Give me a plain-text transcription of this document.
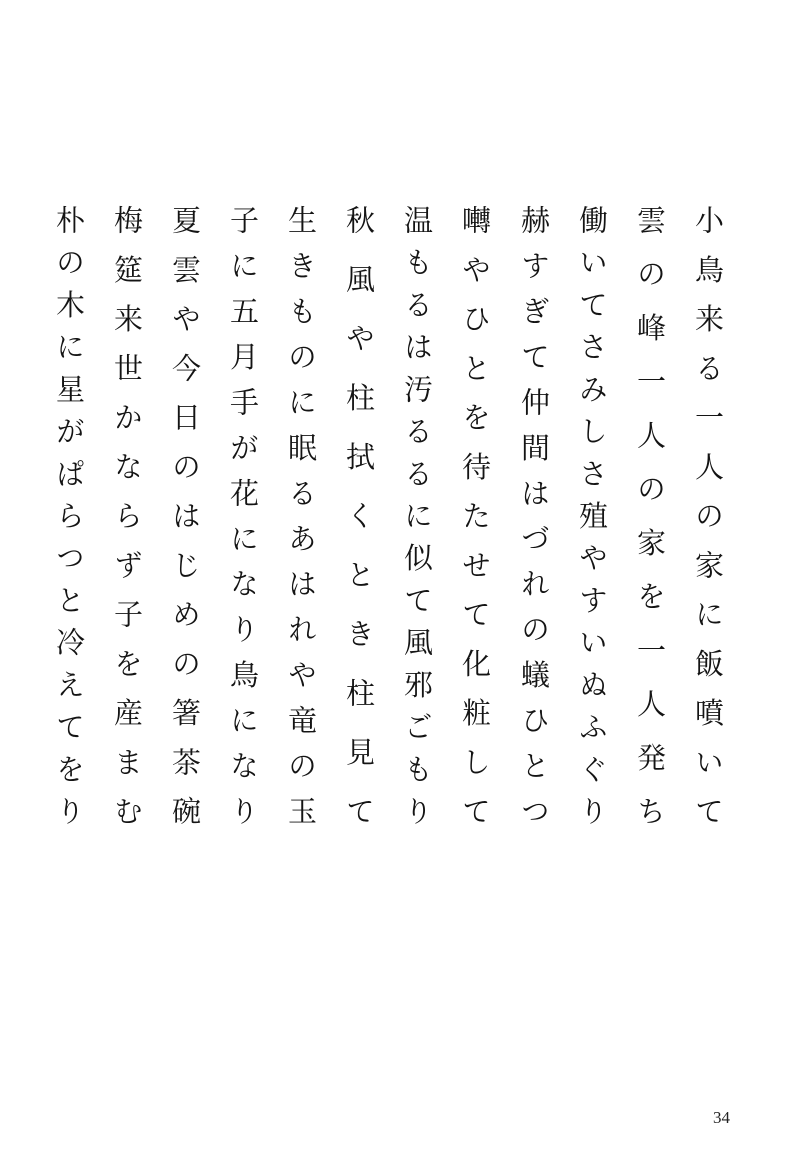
小鳥来る一人の家に飯噴いて
雲の峰一人の家を一人発ち
働いてさみしさ殖やすいぬふぐり
赫すぎて仲間はづれの蟻ひとつ
囀やひとを待たせて化粧して
温もるは汚るるに似て風邪ごもり
秋風や柱拭くとき柱見て
生きものに眠るあはれや竜の玉
子に五月手が花になり鳥になり
夏雲や今日のはじめの箸茶碗
梅筵来世かならず子を産まむ
朴の木に星がぱらつと冷えてをり
34
